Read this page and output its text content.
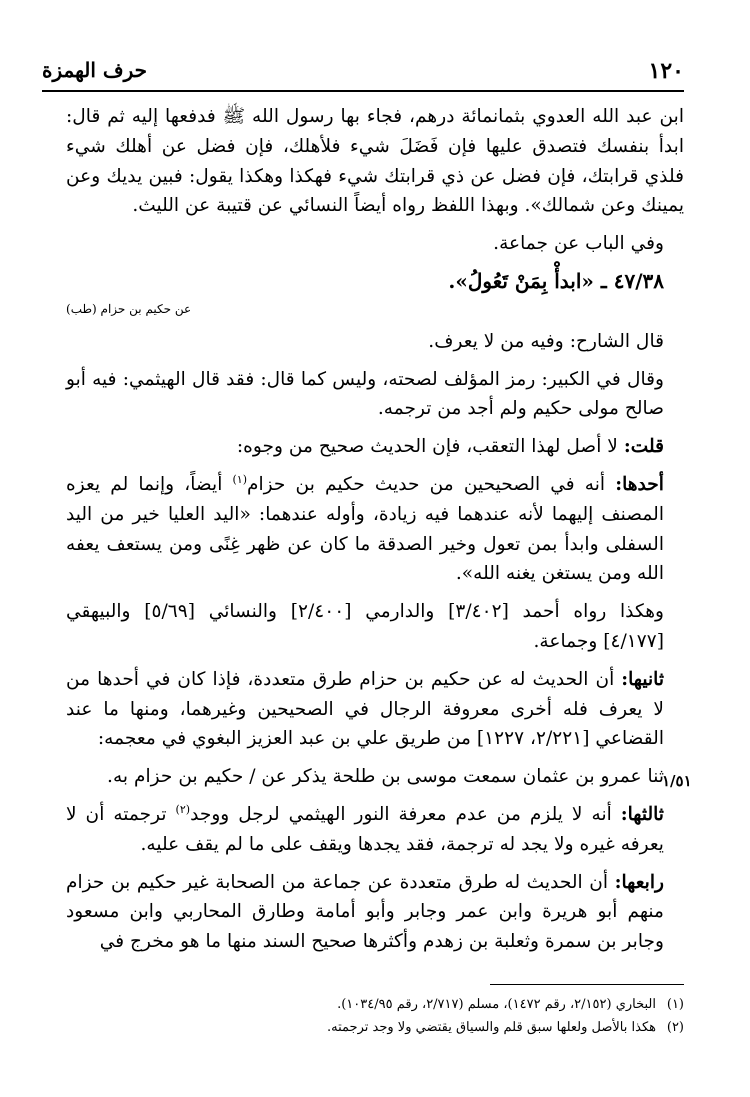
١٢٠
حرف الهمزة

ابن عبد الله العدوي بثمانمائة درهم، فجاء بها رسول الله ﷺ فدفعها إليه ثم قال: ابدأ بنفسك فتصدق عليها فإن فَضَلَ شيء فلأهلك، فإن فضل عن أهلك شيء فلذي قرابتك، فإن فضل عن ذي قرابتك شيء فهكذا وهكذا يقول: فبين يديك وعن يمينك وعن شمالك». وبهذا اللفظ رواه أيضاً النسائي عن قتيبة عن الليث.

وفي الباب عن جماعة.

٤٧/٣٨ ـ «ابدأْ بِمَنْ تَعُولُ».

(طب) عن حكيم بن حزام

قال الشارح: وفيه من لا يعرف.

وقال في الكبير: رمز المؤلف لصحته، وليس كما قال: فقد قال الهيثمي: فيه أبو صالح مولى حكيم ولم أجد من ترجمه.

قلت: لا أصل لهذا التعقب، فإن الحديث صحيح من وجوه:

أحدها: أنه في الصحيحين من حديث حكيم بن حزام$^{(١)}$ أيضاً، وإنما لم يعزه المصنف إليهما لأنه عندهما فيه زيادة، وأوله عندهما: «اليد العليا خير من اليد السفلى وابدأ بمن تعول وخير الصدقة ما كان عن ظهر غِنًى ومن يستعف يعفه الله ومن يستغن يغنه الله».

وهكذا رواه أحمد [٣/٤٠٢] والدارمي [٢/٤٠٠] والنسائي [٥/٦٩] والبيهقي [٤/١٧٧] وجماعة.

ثانيها: أن الحديث له عن حكيم بن حزام طرق متعددة، فإذا كان في أحدها من لا يعرف فله أخرى معروفة الرجال في الصحيحين وغيرهما، ومنها ما عند القضاعي [٢/٢٢١، ١٢٢٧] من طريق علي بن عبد العزيز البغوي في معجمه:

ثنا عمرو بن عثمان سمعت موسى بن طلحة يذكر عن / حكيم بن حزام به.

ثالثها: أنه لا يلزم من عدم معرفة النور الهيثمي لرجل ووجد$^{(٢)}$ ترجمته أن لا يعرفه غيره ولا يجد له ترجمة، فقد يجدها ويقف على ما لم يقف عليه.

رابعها: أن الحديث له طرق متعددة عن جماعة من الصحابة غير حكيم بن حزام منهم أبو هريرة وابن عمر وجابر وأبو أمامة وطارق المحاربي وابن مسعود وجابر بن سمرة وثعلبة بن زهدم وأكثرها صحيح السند منها ما هو مخرج في

١/٥١
(١)
البخاري (٢/١٥٢، رقم ١٤٧٢)، مسلم (٢/٧١٧، رقم ١٠٣٤/٩٥).
(٢)
هكذا بالأصل ولعلها سبق قلم والسياق يقتضي ولا وجد ترجمته.
